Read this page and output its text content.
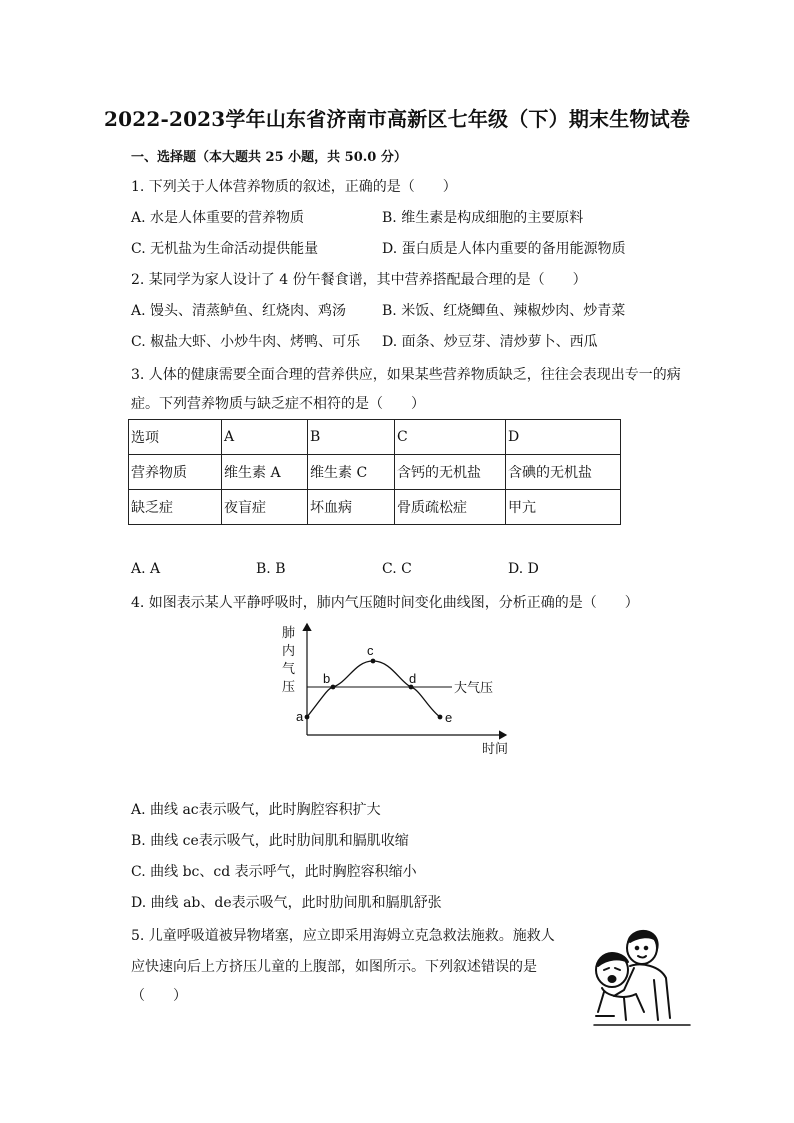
2022-2023学年山东省济南市高新区七年级（下）期末生物试卷
一、选择题（本大题共 25 小题，共 50.0 分）
1. 下列关于人体营养物质的叙述，正确的是（　　）
A. 水是人体重要的营养物质	B. 维生素是构成细胞的主要原料
C. 无机盐为生命活动提供能量	D. 蛋白质是人体内重要的备用能源物质
2. 某同学为家人设计了 4 份午餐食谱，其中营养搭配最合理的是（　　）
A. 馒头、清蒸鲈鱼、红烧肉、鸡汤	B. 米饭、红烧鲫鱼、辣椒炒肉、炒青菜
C. 椒盐大虾、小炒牛肉、烤鸭、可乐 D. 面条、炒豆芽、清炒萝卜、西瓜
3. 人体的健康需要全面合理的营养供应，如果某些营养物质缺乏，往往会表现出专一的病
症。下列营养物质与缺乏症不相符的是（　　）
选项	A	B	C	D
营养物质	维生素 A	维生素 C	含钙的无机盐	含碘的无机盐
缺乏症	夜盲症	坏血病	骨质疏松症	甲亢
A. A	B. B	C. C	D. D
4. 如图表示某人平静呼吸时，肺内气压随时间变化曲线图，分析正确的是（　　）
肺
内
气
压	大气压
时间
a
b
c
d
e
A. 曲线 ac表示吸气，此时胸腔容积扩大
B. 曲线 ce表示吸气，此时肋间肌和膈肌收缩
C. 曲线 bc、cd 表示呼气，此时胸腔容积缩小
D. 曲线 ab、de表示吸气，此时肋间肌和膈肌舒张
5. 儿童呼吸道被异物堵塞，应立即采用海姆立克急救法施救。施救人
应快速向后上方挤压儿童的上腹部，如图所示。下列叙述错误的是
（　　）
